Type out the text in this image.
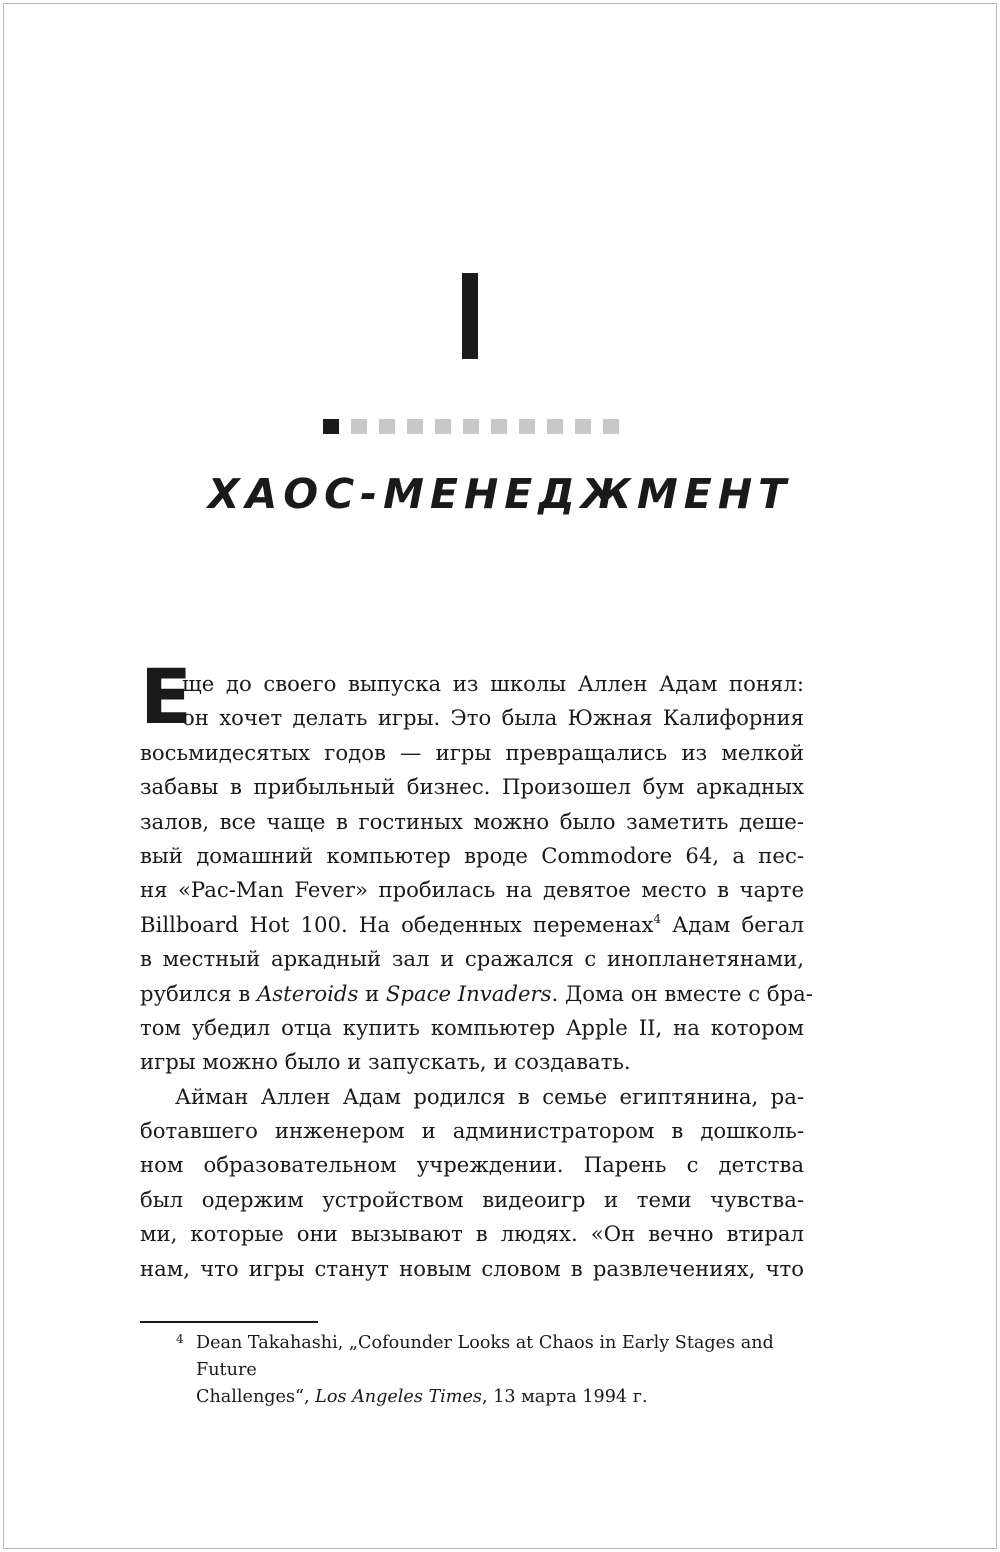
ХАОС-МЕНЕДЖМЕНТ
Е
ще до своего выпуска из школы Аллен Адам понял:
он хочет делать игры. Это была Южная Калифорния
восьмидесятых годов — игры превращались из мелкой
забавы в прибыльный бизнес. Произошел бум аркадных
залов, все чаще в гостиных можно было заметить деше-
вый домашний компьютер вроде Commodore 64, а пес-
ня «Pac-Man Fever» пробилась на девятое место в чарте
Billboard Hot 100. На обеденных переменах$^4$ Адам бегал
в местный аркадный зал и сражался с инопланетянами,
рубился в Asteroids и Space Invaders. Дома он вместе с бра-
том убедил отца купить компьютер Apple II, на котором
игры можно было и запускать, и создавать.
Айман Аллен Адам родился в семье египтянина, ра-
ботавшего инженером и администратором в дошколь-
ном образовательном учреждении. Парень с детства
был одержим устройством видеоигр и теми чувства-
ми, которые они вызывают в людях. «Он вечно втирал
нам, что игры станут новым словом в развлечениях, что
4 Dean Takahashi, „Cofounder Looks at Chaos in Early Stages and Future
Challenges“, Los Angeles Times, 13 марта 1994 г.
